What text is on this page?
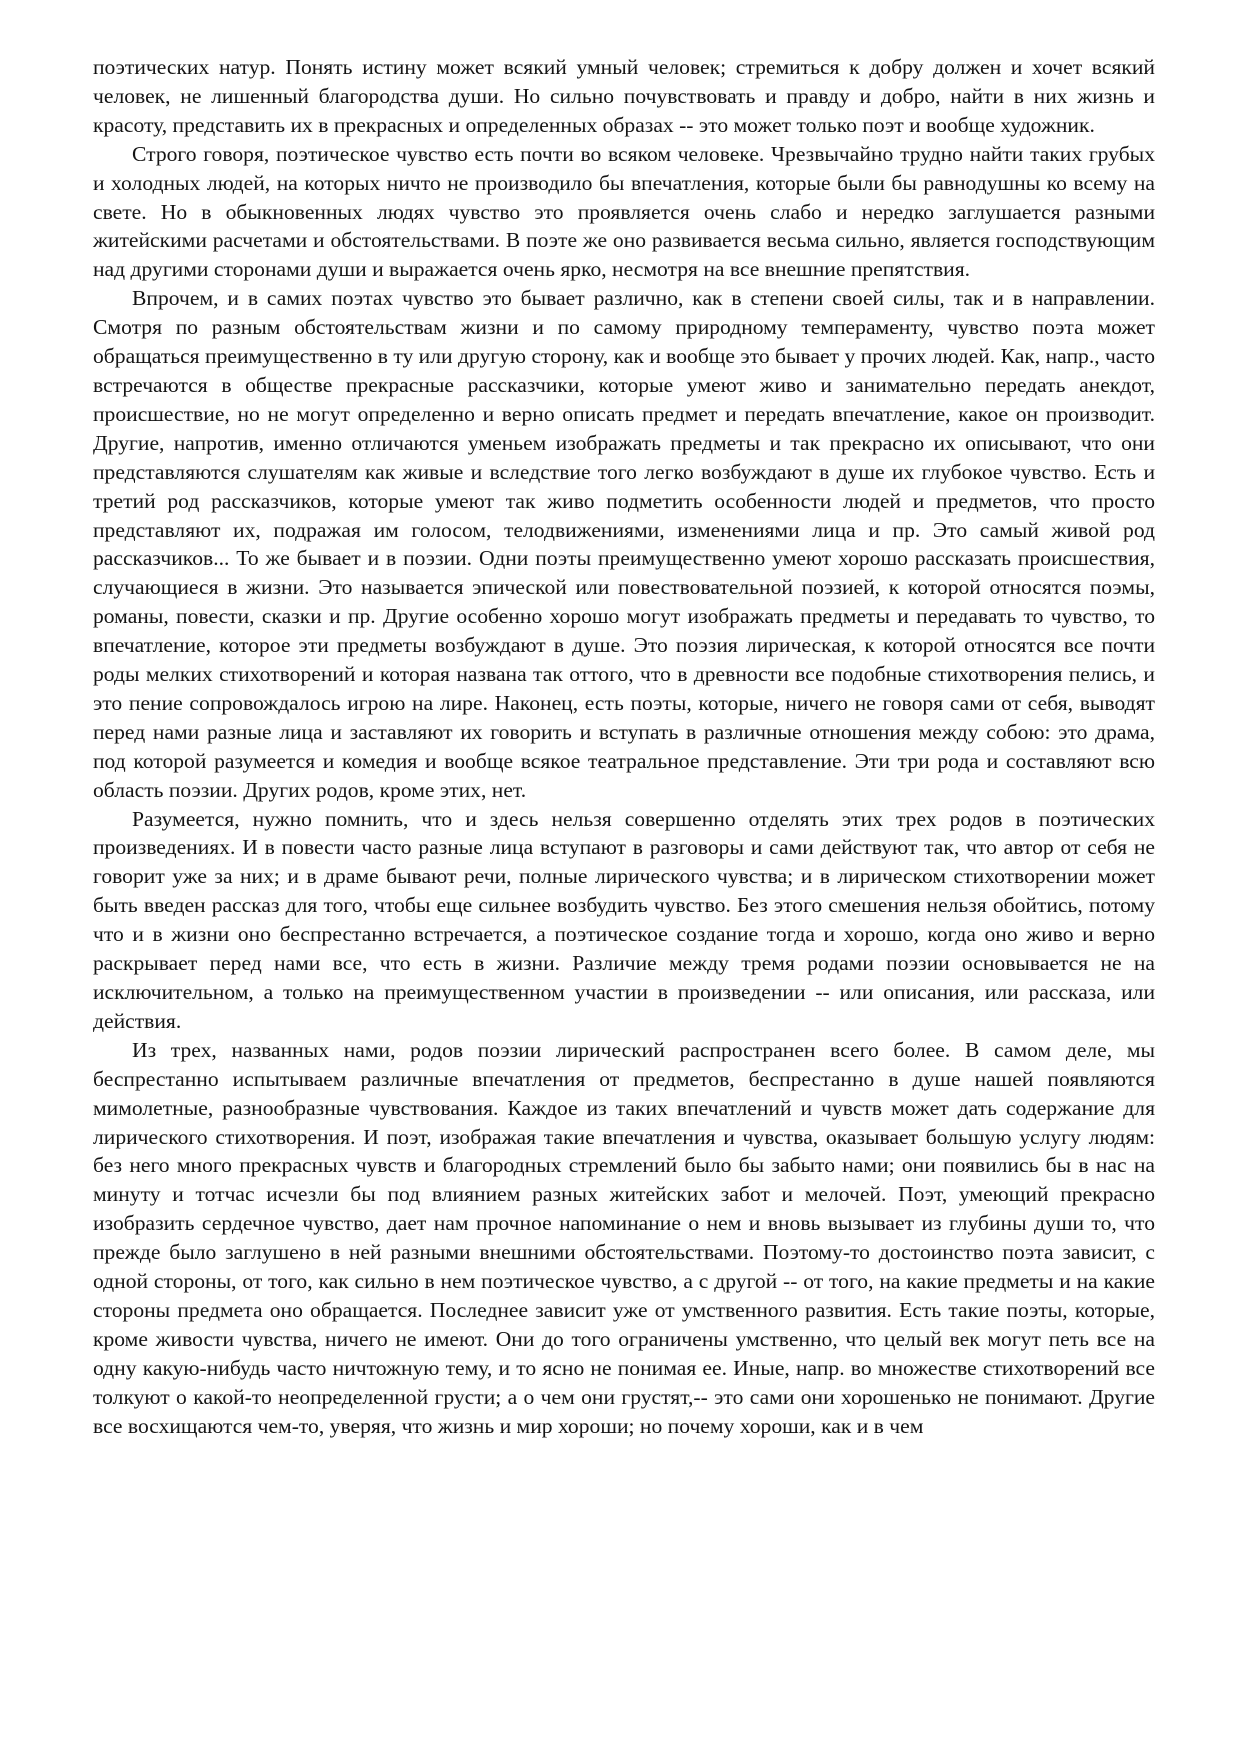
поэтических натур. Понять истину может всякий умный человек; стремиться к добру должен и хочет всякий человек, не лишенный благородства души. Но сильно почувствовать и правду и добро, найти в них жизнь и красоту, представить их в прекрасных и определенных образах -- это может только поэт и вообще художник.

Строго говоря, поэтическое чувство есть почти во всяком человеке. Чрезвычайно трудно найти таких грубых и холодных людей, на которых ничто не производило бы впечатления, которые были бы равнодушны ко всему на свете. Но в обыкновенных людях чувство это проявляется очень слабо и нередко заглушается разными житейскими расчетами и обстоятельствами. В поэте же оно развивается весьма сильно, является господствующим над другими сторонами души и выражается очень ярко, несмотря на все внешние препятствия.

Впрочем, и в самих поэтах чувство это бывает различно, как в степени своей силы, так и в направлении. Смотря по разным обстоятельствам жизни и по самому природному темпераменту, чувство поэта может обращаться преимущественно в ту или другую сторону, как и вообще это бывает у прочих людей. Как, напр., часто встречаются в обществе прекрасные рассказчики, которые умеют живо и занимательно передать анекдот, происшествие, но не могут определенно и верно описать предмет и передать впечатление, какое он производит. Другие, напротив, именно отличаются уменьем изображать предметы и так прекрасно их описывают, что они представляются слушателям как живые и вследствие того легко возбуждают в душе их глубокое чувство. Есть и третий род рассказчиков, которые умеют так живо подметить особенности людей и предметов, что просто представляют их, подражая им голосом, телодвижениями, изменениями лица и пр. Это самый живой род рассказчиков... То же бывает и в поэзии. Одни поэты преимущественно умеют хорошо рассказать происшествия, случающиеся в жизни. Это называется эпической или повествовательной поэзией, к которой относятся поэмы, романы, повести, сказки и пр. Другие особенно хорошо могут изображать предметы и передавать то чувство, то впечатление, которое эти предметы возбуждают в душе. Это поэзия лирическая, к которой относятся все почти роды мелких стихотворений и которая названа так оттого, что в древности все подобные стихотворения пелись, и это пение сопровождалось игрою на лире. Наконец, есть поэты, которые, ничего не говоря сами от себя, выводят перед нами разные лица и заставляют их говорить и вступать в различные отношения между собою: это драма, под которой разумеется и комедия и вообще всякое театральное представление. Эти три рода и составляют всю область поэзии. Других родов, кроме этих, нет.

Разумеется, нужно помнить, что и здесь нельзя совершенно отделять этих трех родов в поэтических произведениях. И в повести часто разные лица вступают в разговоры и сами действуют так, что автор от себя не говорит уже за них; и в драме бывают речи, полные лирического чувства; и в лирическом стихотворении может быть введен рассказ для того, чтобы еще сильнее возбудить чувство. Без этого смешения нельзя обойтись, потому что и в жизни оно беспрестанно встречается, а поэтическое создание тогда и хорошо, когда оно живо и верно раскрывает перед нами все, что есть в жизни. Различие между тремя родами поэзии основывается не на исключительном, а только на преимущественном участии в произведении -- или описания, или рассказа, или действия.

Из трех, названных нами, родов поэзии лирический распространен всего более. В самом деле, мы беспрестанно испытываем различные впечатления от предметов, беспрестанно в душе нашей появляются мимолетные, разнообразные чувствования. Каждое из таких впечатлений и чувств может дать содержание для лирического стихотворения. И поэт, изображая такие впечатления и чувства, оказывает большую услугу людям: без него много прекрасных чувств и благородных стремлений было бы забыто нами; они появились бы в нас на минуту и тотчас исчезли бы под влиянием разных житейских забот и мелочей. Поэт, умеющий прекрасно изобразить сердечное чувство, дает нам прочное напоминание о нем и вновь вызывает из глубины души то, что прежде было заглушено в ней разными внешними обстоятельствами. Поэтому-то достоинство поэта зависит, с одной стороны, от того, как сильно в нем поэтическое чувство, а с другой -- от того, на какие предметы и на какие стороны предмета оно обращается. Последнее зависит уже от умственного развития. Есть такие поэты, которые, кроме живости чувства, ничего не имеют. Они до того ограничены умственно, что целый век могут петь все на одну какую-нибудь часто ничтожную тему, и то ясно не понимая ее. Иные, напр. во множестве стихотворений все толкуют о какой-то неопределенной грусти; а о чем они грустят,-- это сами они хорошенько не понимают. Другие все восхищаются чем-то, уверяя, что жизнь и мир хороши; но почему хороши, как и в чем
